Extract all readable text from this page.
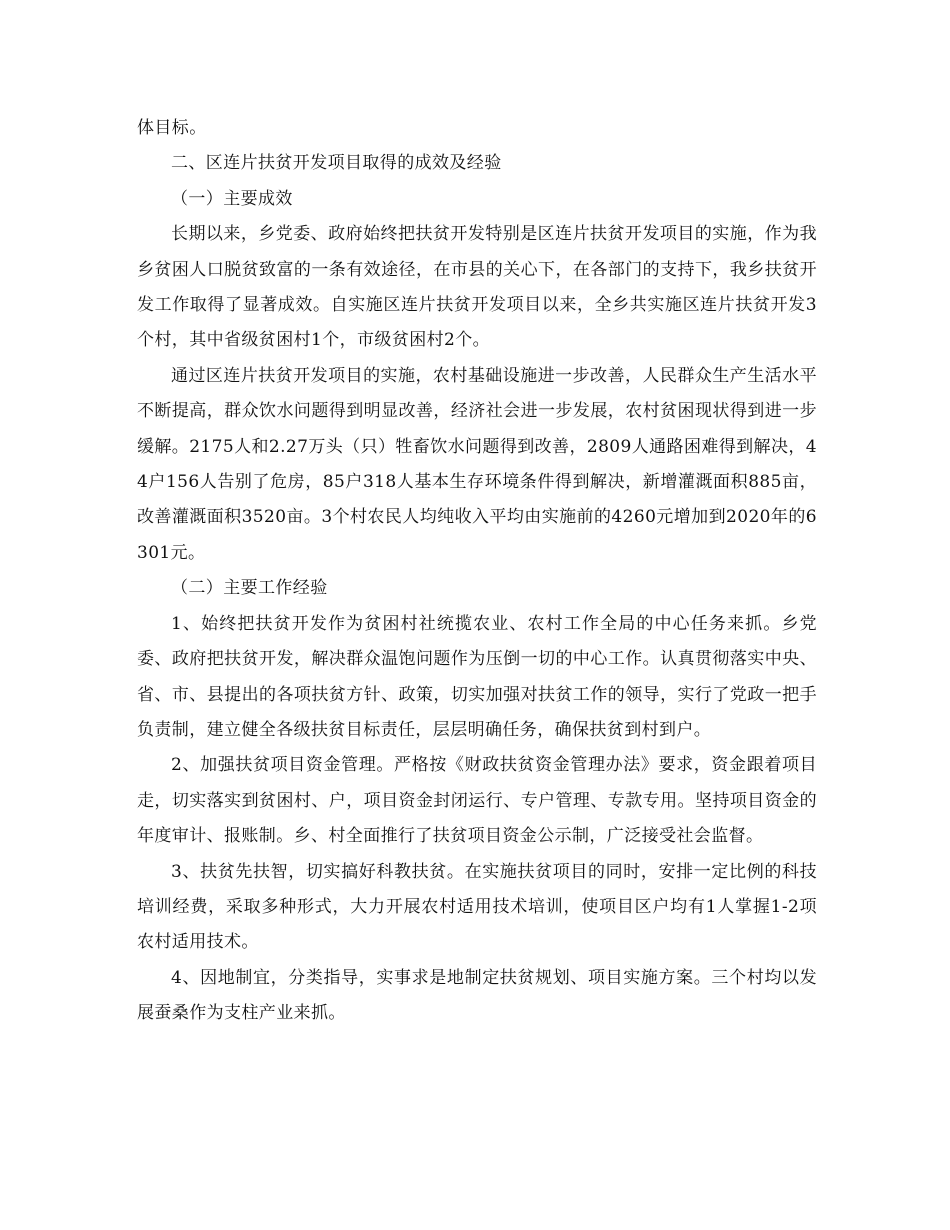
体目标。

二、区连片扶贫开发项目取得的成效及经验

（一）主要成效

长期以来，乡党委、政府始终把扶贫开发特别是区连片扶贫开发项目的实施，作为我乡贫困人口脱贫致富的一条有效途径，在市县的关心下，在各部门的支持下，我乡扶贫开发工作取得了显著成效。自实施区连片扶贫开发项目以来，全乡共实施区连片扶贫开发3个村，其中省级贫困村1个，市级贫困村2个。

通过区连片扶贫开发项目的实施，农村基础设施进一步改善，人民群众生产生活水平不断提高，群众饮水问题得到明显改善，经济社会进一步发展，农村贫困现状得到进一步缓解。2175人和2.27万头（只）牲畜饮水问题得到改善，2809人通路困难得到解决，44户156人告别了危房，85户318人基本生存环境条件得到解决，新增灌溉面积885亩，改善灌溉面积3520亩。3个村农民人均纯收入平均由实施前的4260元增加到2020年的6301元。

（二）主要工作经验

1、始终把扶贫开发作为贫困村社统揽农业、农村工作全局的中心任务来抓。乡党委、政府把扶贫开发，解决群众温饱问题作为压倒一切的中心工作。认真贯彻落实中央、省、市、县提出的各项扶贫方针、政策，切实加强对扶贫工作的领导，实行了党政一把手负责制，建立健全各级扶贫目标责任，层层明确任务，确保扶贫到村到户。

2、加强扶贫项目资金管理。严格按《财政扶贫资金管理办法》要求，资金跟着项目走，切实落实到贫困村、户，项目资金封闭运行、专户管理、专款专用。坚持项目资金的年度审计、报账制。乡、村全面推行了扶贫项目资金公示制，广泛接受社会监督。

3、扶贫先扶智，切实搞好科教扶贫。在实施扶贫项目的同时，安排一定比例的科技培训经费，采取多种形式，大力开展农村适用技术培训，使项目区户均有1人掌握1-2项农村适用技术。

4、因地制宜，分类指导，实事求是地制定扶贫规划、项目实施方案。三个村均以发展蚕桑作为支柱产业来抓。
